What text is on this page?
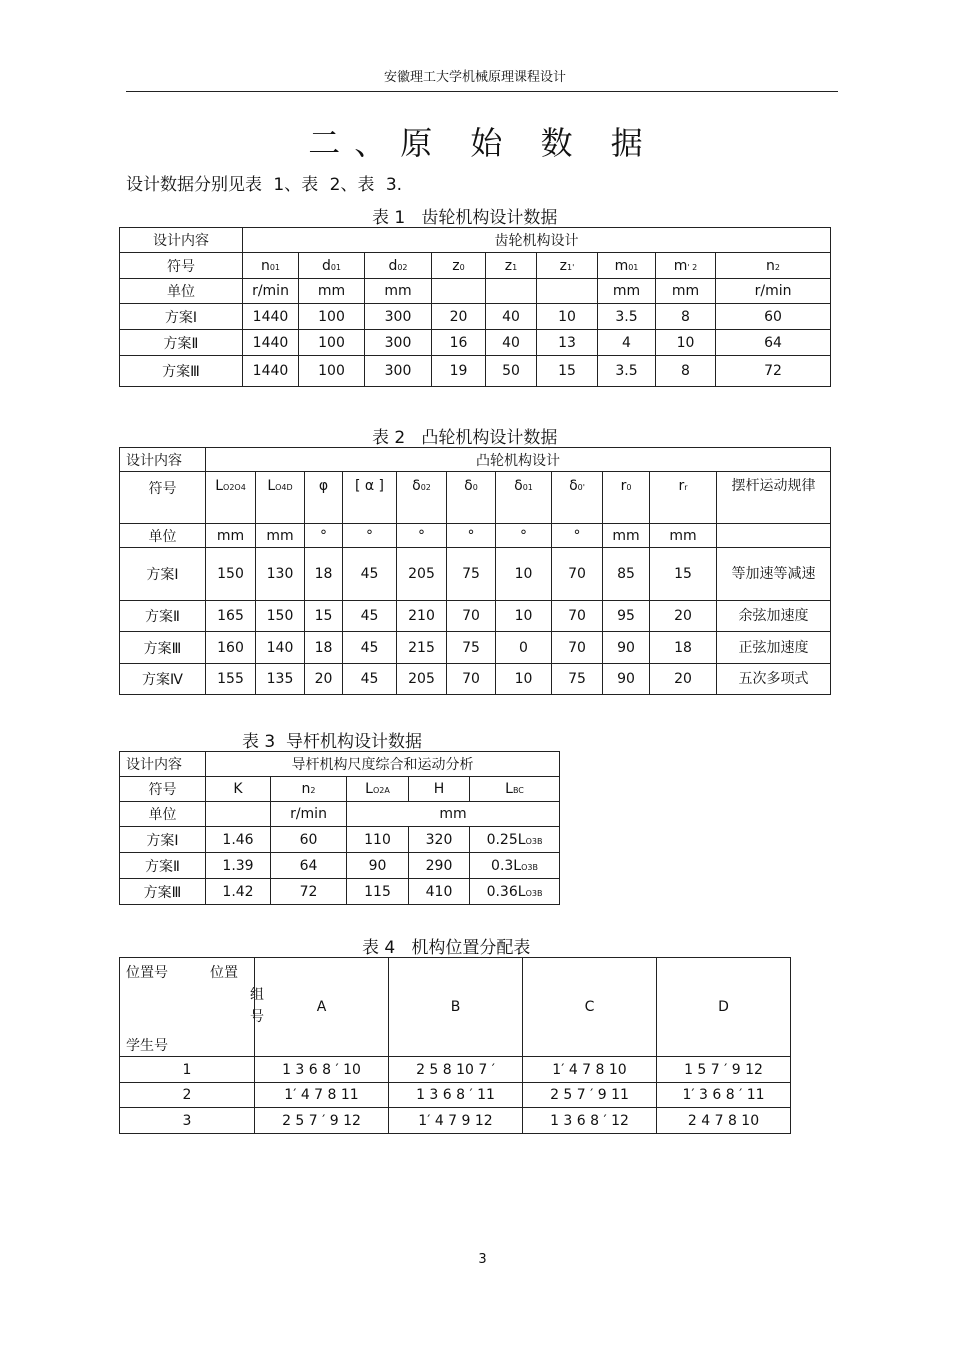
安徽理工大学机械原理课程设计
二、原 始 数 据
设计数据分别见表 1、表 2、表 3.
表 1   齿轮机构设计数据
设计内容	齿轮机构设计								
符号	n01	d01	d02	z0	z1	z1'	m01	m' 2	n2
单位	r/min	mm	mm				mm	mm	r/min
方案Ⅰ	1440	100	300	20	40	10	3.5	8	60
方案Ⅱ	1440	100	300	16	40	13	4	10	64
方案Ⅲ	1440	100	300	19	50	15	3.5	8	72
表 2   凸轮机构设计数据
设计内容	凸轮机构设计										
符号	LO2O4	LO4D	φ	[ α ]	δ02	δ0	δ01	δ0'	r0	rr	摆杆运动规律
单位	mm	mm	°	°	°	°	°	°	mm	mm	
方案Ⅰ	150	130	18	45	205	75	10	70	85	15	等加速等减速
方案Ⅱ	165	150	15	45	210	70	10	70	95	20	余弦加速度
方案Ⅲ	160	140	18	45	215	75	0	70	90	18	正弦加速度
方案Ⅳ	155	135	20	45	205	70	10	75	90	20	五次多项式
表 3  导杆机构设计数据
设计内容	导杆机构尺度综合和运动分析				
符号	K	n2	LO2A	H	LBC
单位		r/min	mm		
方案Ⅰ	1.46	60	110	320	0.25LO3B
方案Ⅱ	1.39	64	90	290	0.3LO3B
方案Ⅲ	1.42	72	115	410	0.36LO3B
表 4   机构位置分配表
位置号 位置
组号
学生号	A	B	C	D
1	1 3 6 8 ′ 10	2 5 8 10 7 ′	1′ 4 7 8 10	1 5 7 ′ 9 12
2	1′ 4 7 8 11	1 3 6 8 ′ 11	2 5 7 ′ 9 11	1′ 3 6 8 ′ 11
3	2 5 7 ′ 9 12	1′ 4 7 9 12	1 3 6 8 ′ 12	2 4 7 8 10
3
